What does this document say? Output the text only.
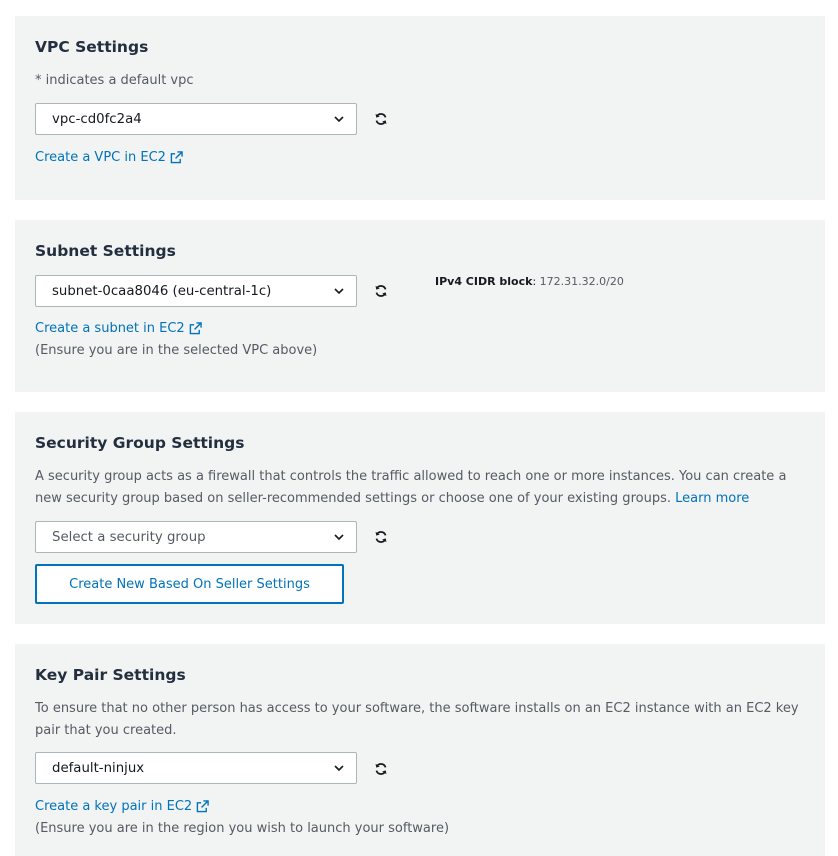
VPC Settings
* indicates a default vpc
vpc-cd0fc2a4
Create a VPC in EC2
Subnet Settings
subnet-0caa8046 (eu-central-1c)
IPv4 CIDR block: 172.31.32.0/20
Create a subnet in EC2
(Ensure you are in the selected VPC above)
Security Group Settings
A security group acts as a firewall that controls the traffic allowed to reach one or more instances. You can create a new security group based on seller-recommended settings or choose one of your existing groups. Learn more
Select a security group
Create New Based On Seller Settings
Key Pair Settings
To ensure that no other person has access to your software, the software installs on an EC2 instance with an EC2 key pair that you created.
default-ninjux
Create a key pair in EC2
(Ensure you are in the region you wish to launch your software)
